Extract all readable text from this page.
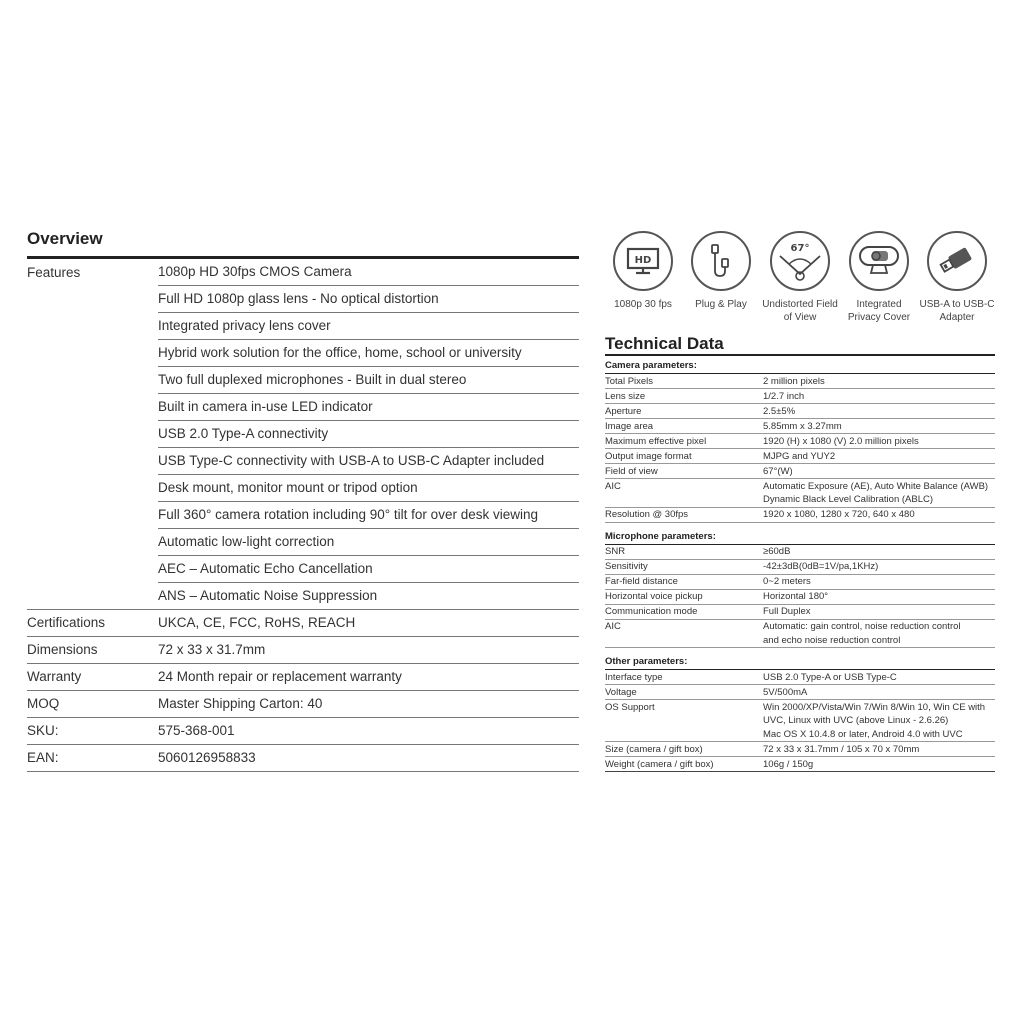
Overview
Features	1080p HD 30fps CMOS Camera
Full HD 1080p glass lens - No optical distortion
Integrated privacy lens cover
Hybrid work solution for the office, home, school or university
Two full duplexed microphones - Built in dual stereo
Built in camera in-use LED indicator
USB 2.0 Type-A connectivity
USB Type-C connectivity with USB-A to USB-C Adapter included
Desk mount, monitor mount or tripod option
Full 360° camera rotation including 90° tilt for over desk viewing
Automatic low-light correction
AEC – Automatic Echo Cancellation
ANS – Automatic Noise Suppression
Certifications	UKCA, CE, FCC, RoHS, REACH
Dimensions	72 x 33 x 31.7mm
Warranty	24 Month repair or replacement warranty
MOQ	Master Shipping Carton: 40
SKU:	575-368-001
EAN:	5060126958833
HD
1080p 30 fps	Plug & Play
67°
Undistorted Field of View
Integrated Privacy Cover
USB-A to USB-C Adapter
Technical Data
Camera parameters:
Total Pixels	2 million pixels
Lens size	1/2.7 inch
Aperture	2.5±5%
Image area	5.85mm x 3.27mm
Maximum effective pixel	1920 (H) x 1080 (V) 2.0 million pixels
Output image format	MJPG and YUY2
Field of view	67°(W)
AIC	Automatic Exposure (AE), Auto White Balance (AWB)
Dynamic Black Level Calibration (ABLC)
Resolution @ 30fps	1920 x 1080, 1280 x 720, 640 x 480
Microphone parameters:
SNR	≥60dB
Sensitivity	-42±3dB(0dB=1V/pa,1KHz)
Far-field distance	0~2 meters
Horizontal voice pickup	Horizontal 180°
Communication mode	Full Duplex
AIC	Automatic: gain control, noise reduction control
and echo noise reduction control
Other parameters:
Interface type	USB 2.0 Type-A or USB Type-C
Voltage	5V/500mA
OS Support	Win 2000/XP/Vista/Win 7/Win 8/Win 10, Win CE with
UVC, Linux with UVC (above Linux - 2.6.26)
Mac OS X 10.4.8 or later, Android 4.0 with UVC
Size (camera / gift box)	72 x 33 x 31.7mm / 105 x 70 x 70mm
Weight (camera / gift box)	106g / 150g
